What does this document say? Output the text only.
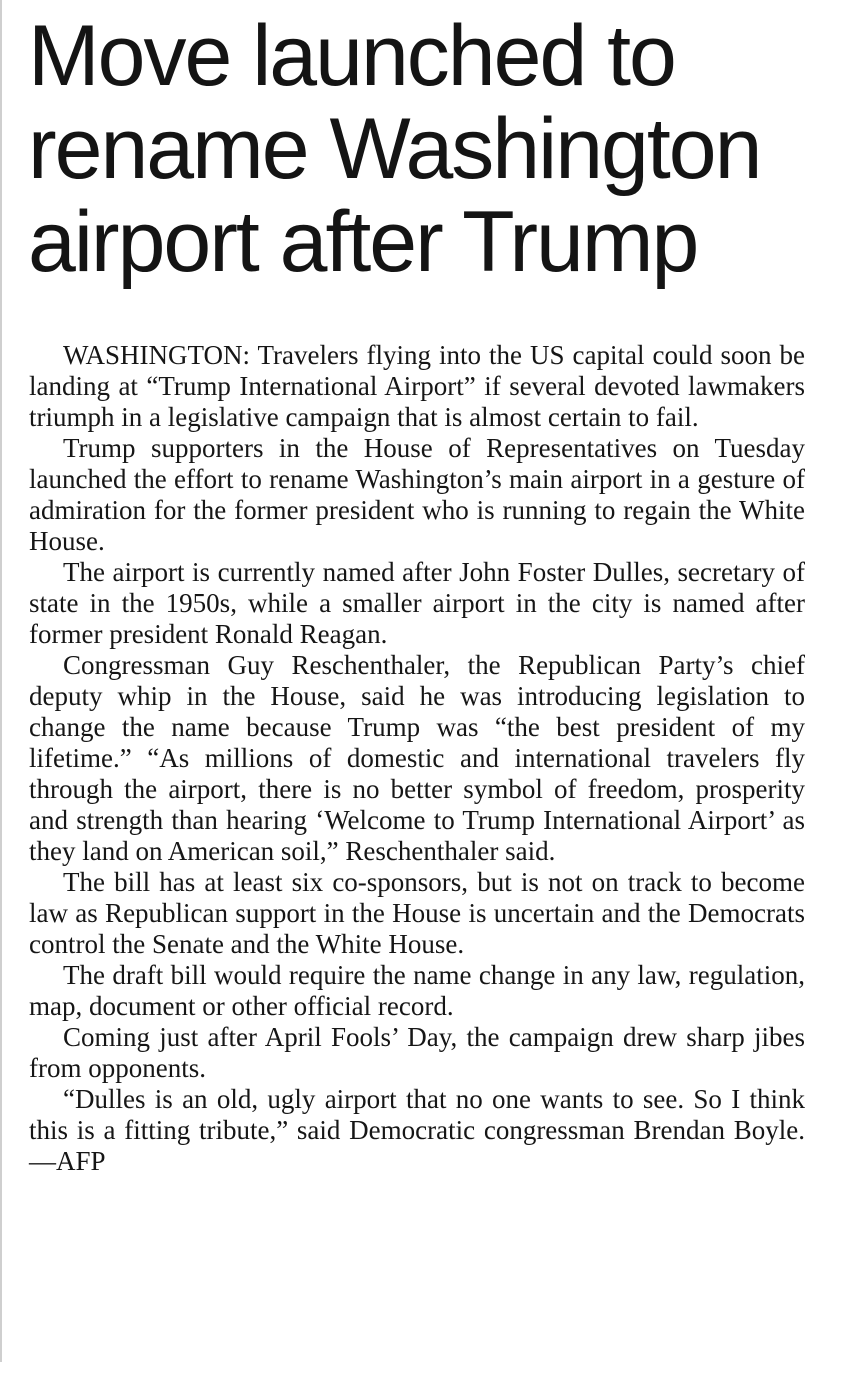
Move launched to
rename Washington
airport after Trump

WASHINGTON: Travelers flying into the US capital could soon be landing at “Trump International Airport” if several devoted lawmakers triumph in a legislative campaign that is almost certain to fail.

Trump supporters in the House of Representatives on Tuesday launched the effort to rename Washington’s main airport in a gesture of admiration for the former president who is running to regain the White House.

The airport is currently named after John Foster Dulles, secretary of state in the 1950s, while a smaller airport in the city is named after former president Ronald Reagan.

Congressman Guy Reschenthaler, the Republican Party’s chief deputy whip in the House, said he was introducing legislation to change the name because Trump was “the best president of my lifetime.” “As millions of domestic and international travelers fly through the airport, there is no better symbol of freedom, prosperity and strength than hearing ‘Welcome to Trump International Airport’ as they land on American soil,” Reschenthaler said.

The bill has at least six co-sponsors, but is not on track to become law as Republican support in the House is uncertain and the Democrats control the Senate and the White House.

The draft bill would require the name change in any law, regulation, map, document or other official record.

Coming just after April Fools’ Day, the campaign drew sharp jibes from opponents.

“Dulles is an old, ugly airport that no one wants to see. So I think this is a fitting tribute,” said Democratic congressman Brendan Boyle.—AFP
